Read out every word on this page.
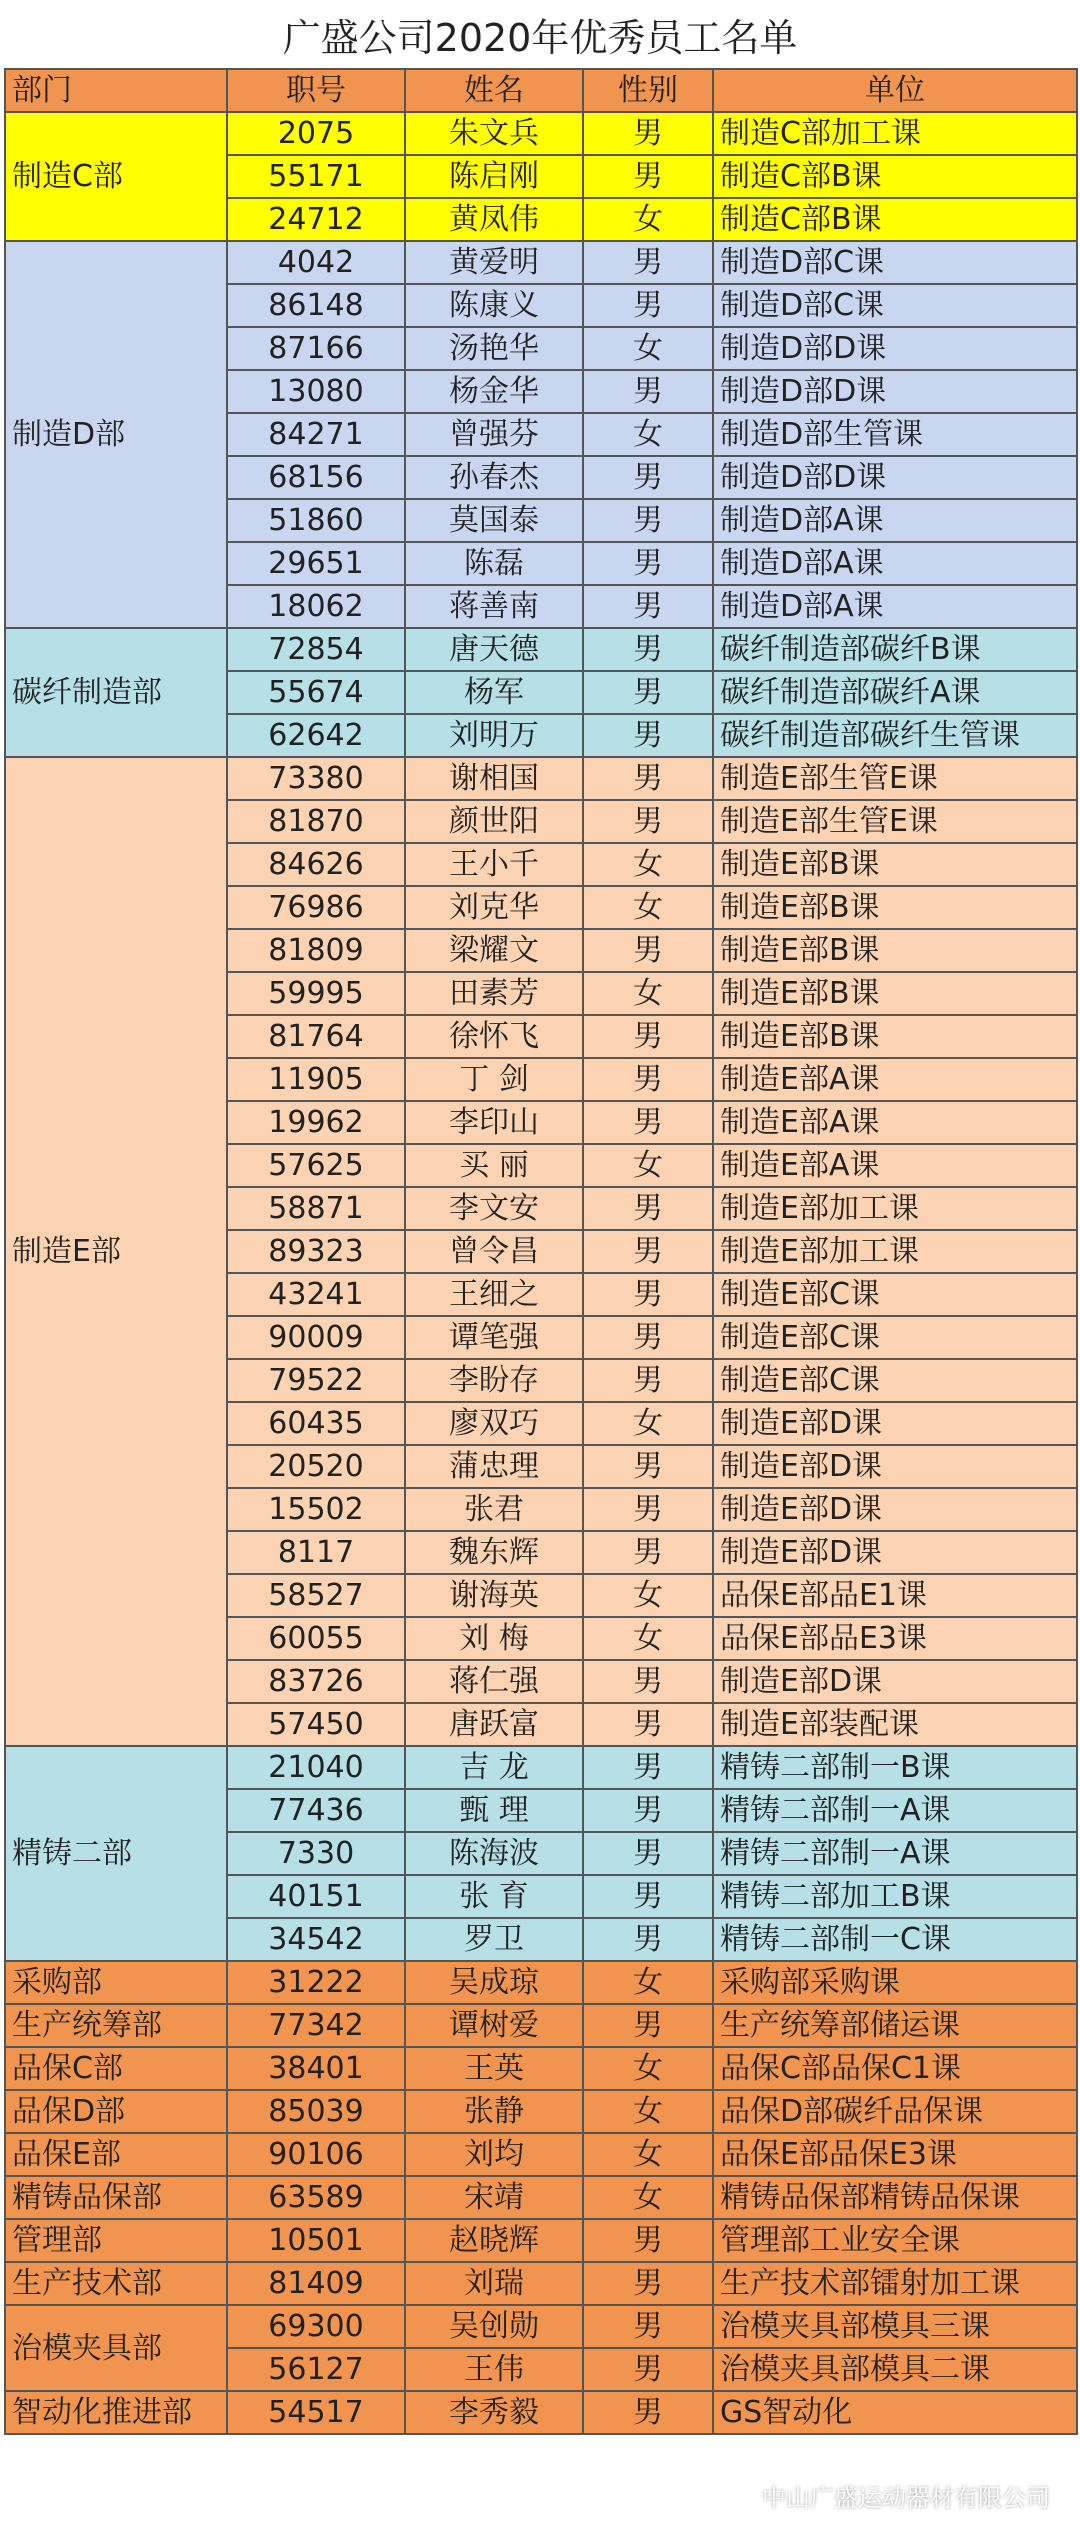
广盛公司2020年优秀员工名单
部门	职号	姓名	性别	单位
制造C部	2075	朱文兵	男	制造C部加工课
	55171	陈启刚	男	制造C部B课
	24712	黄凤伟	女	制造C部B课
制造D部	4042	黄爱明	男	制造D部C课
	86148	陈康义	男	制造D部C课
	87166	汤艳华	女	制造D部D课
	13080	杨金华	男	制造D部D课
	84271	曾强芬	女	制造D部生管课
	68156	孙春杰	男	制造D部D课
	51860	莫国泰	男	制造D部A课
	29651	陈磊	男	制造D部A课
	18062	蒋善南	男	制造D部A课
碳纤制造部	72854	唐天德	男	碳纤制造部碳纤B课
	55674	杨军	男	碳纤制造部碳纤A课
	62642	刘明万	男	碳纤制造部碳纤生管课
制造E部	73380	谢相国	男	制造E部生管E课
	81870	颜世阳	男	制造E部生管E课
	84626	王小千	女	制造E部B课
	76986	刘克华	女	制造E部B课
	81809	梁耀文	男	制造E部B课
	59995	田素芳	女	制造E部B课
	81764	徐怀飞	男	制造E部B课
	11905	丁 剑	男	制造E部A课
	19962	李印山	男	制造E部A课
	57625	买 丽	女	制造E部A课
	58871	李文安	男	制造E部加工课
	89323	曾令昌	男	制造E部加工课
	43241	王细之	男	制造E部C课
	90009	谭笔强	男	制造E部C课
	79522	李盼存	男	制造E部C课
	60435	廖双巧	女	制造E部D课
	20520	蒲忠理	男	制造E部D课
	15502	张君	男	制造E部D课
	8117	魏东辉	男	制造E部D课
	58527	谢海英	女	品保E部品E1课
	60055	刘 梅	女	品保E部品E3课
	83726	蒋仁强	男	制造E部D课
	57450	唐跃富	男	制造E部装配课
精铸二部	21040	吉 龙	男	精铸二部制一B课
	77436	甄 理	男	精铸二部制一A课
	7330	陈海波	男	精铸二部制一A课
	40151	张 育	男	精铸二部加工B课
	34542	罗卫	男	精铸二部制一C课
采购部	31222	吴成琼	女	采购部采购课
生产统筹部	77342	谭树爱	男	生产统筹部储运课
品保C部	38401	王英	女	品保C部品保C1课
品保D部	85039	张静	女	品保D部碳纤品保课
品保E部	90106	刘均	女	品保E部品保E3课
精铸品保部	63589	宋靖	女	精铸品保部精铸品保课
管理部	10501	赵晓辉	男	管理部工业安全课
生产技术部	81409	刘瑞	男	生产技术部镭射加工课
治模夹具部	69300	吴创勋	男	治模夹具部模具三课
	56127	王伟	男	治模夹具部模具二课
智动化推进部	54517	李秀毅	男	GS智动化
中山广盛运动器材有限公司
